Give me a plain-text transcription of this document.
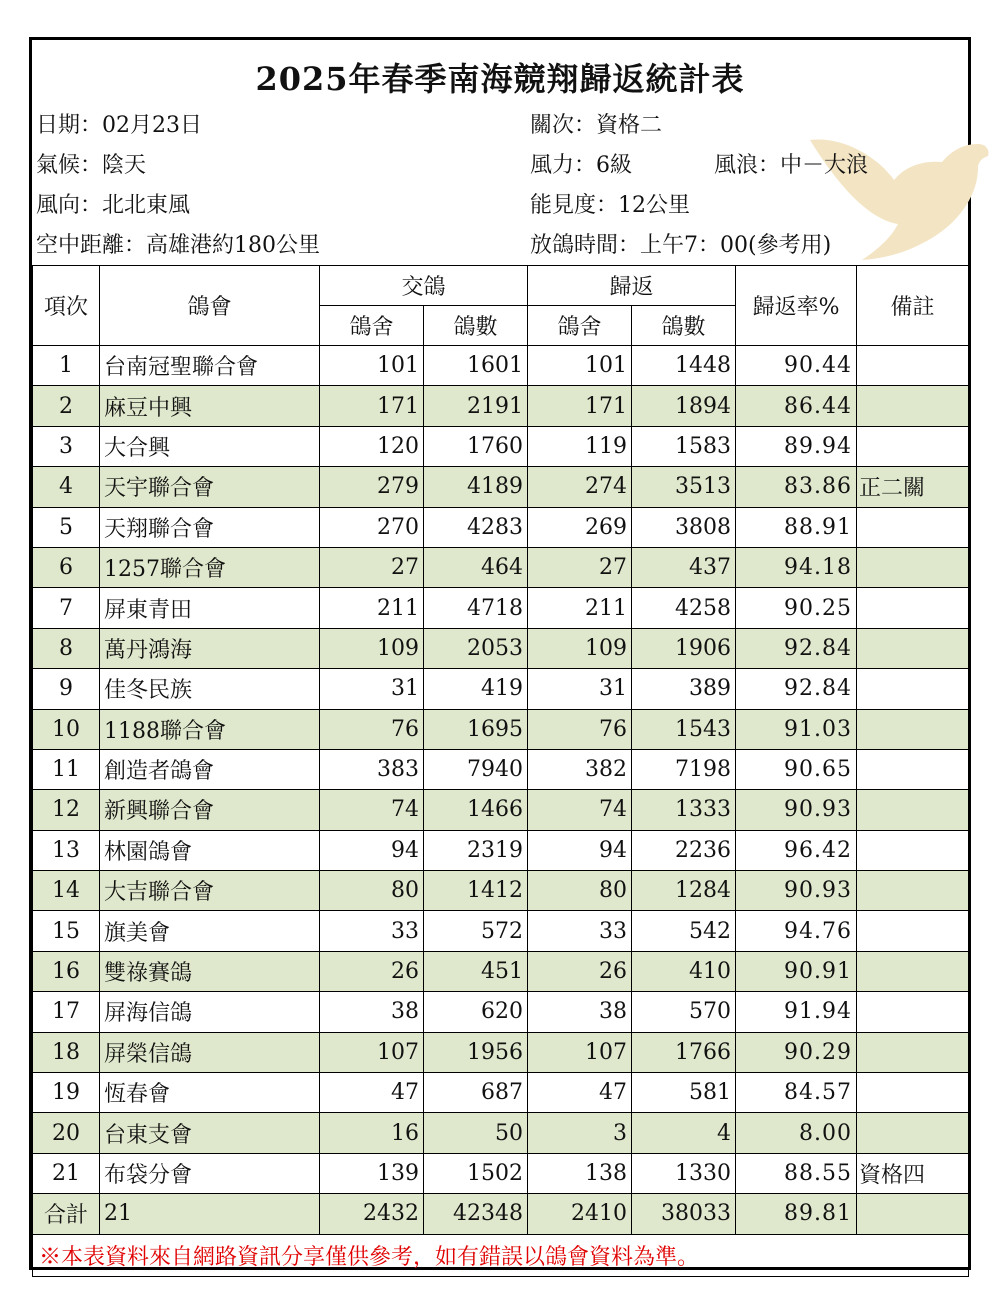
2025年春季南海競翔歸返統計表
日期：02月23日	關次：資格二
氣候：陰天	風力：6級	風浪：中－大浪
風向：北北東風	能見度：12公里
空中距離：高雄港約180公里	放鴿時間：上午7：00(參考用)
項次	鴿會	交鴿		歸返		歸返率%	備註
		鴿舍	鴿數	鴿舍	鴿數		
1	台南冠聖聯合會	101	1601	101	1448	90.44	
2	麻豆中興	171	2191	171	1894	86.44	
3	大合興	120	1760	119	1583	89.94	
4	天宇聯合會	279	4189	274	3513	83.86	正二關
5	天翔聯合會	270	4283	269	3808	88.91	
6	1257聯合會	27	464	27	437	94.18	
7	屏東青田	211	4718	211	4258	90.25	
8	萬丹鴻海	109	2053	109	1906	92.84	
9	佳冬民族	31	419	31	389	92.84	
10	1188聯合會	76	1695	76	1543	91.03	
11	創造者鴿會	383	7940	382	7198	90.65	
12	新興聯合會	74	1466	74	1333	90.93	
13	林園鴿會	94	2319	94	2236	96.42	
14	大吉聯合會	80	1412	80	1284	90.93	
15	旗美會	33	572	33	542	94.76	
16	雙祿賽鴿	26	451	26	410	90.91	
17	屏海信鴿	38	620	38	570	91.94	
18	屏榮信鴿	107	1956	107	1766	90.29	
19	恆春會	47	687	47	581	84.57	
20	台東支會	16	50	3	4	8.00	
21	布袋分會	139	1502	138	1330	88.55	資格四
合計	21	2432	42348	2410	38033	89.81	
※本表資料來自網路資訊分享僅供參考，如有錯誤以鴿會資料為準。							
